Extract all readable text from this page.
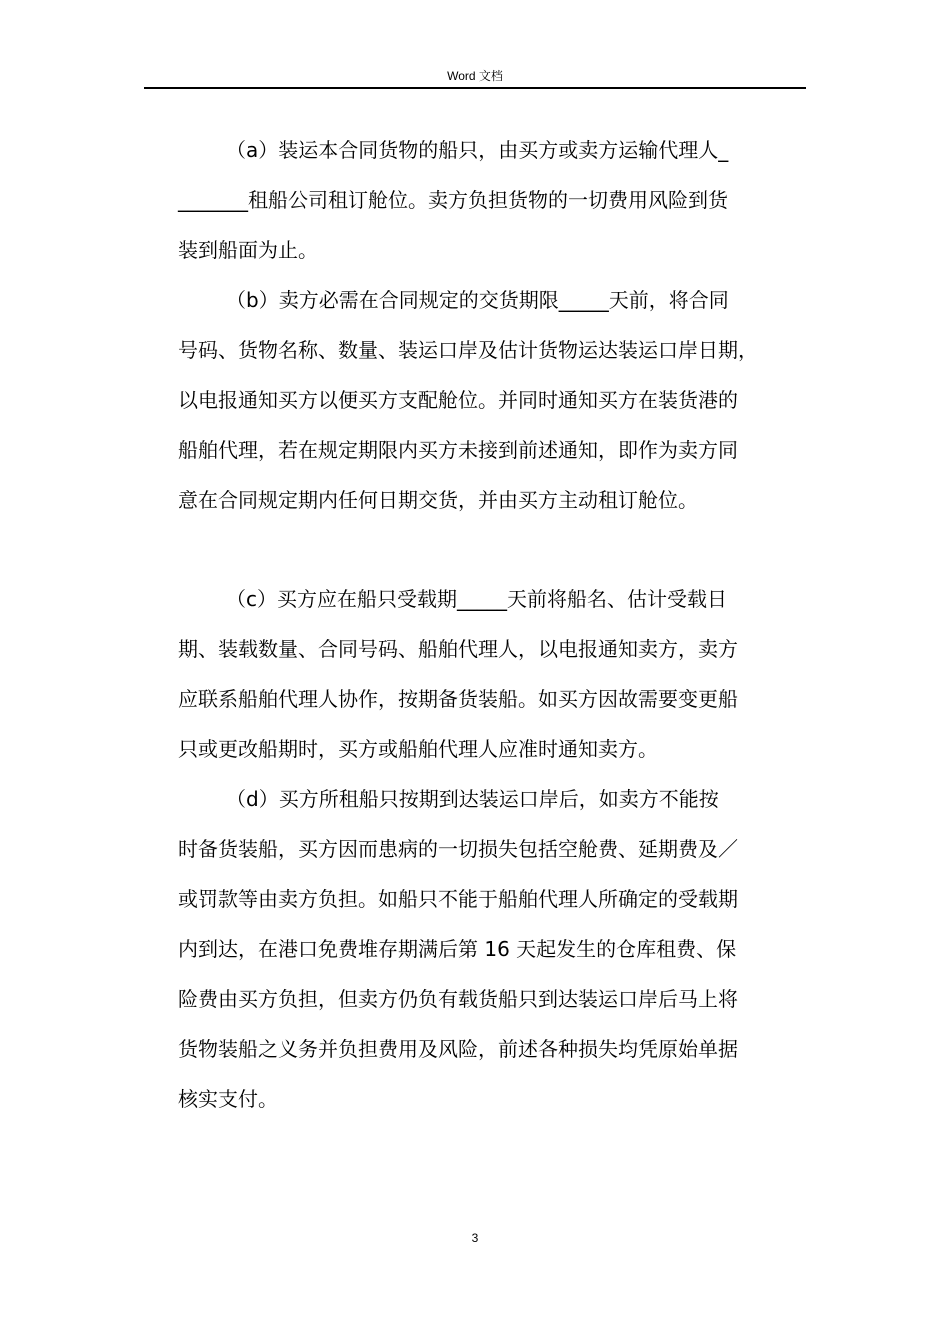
Word 文档
（a）装运本合同货物的船只，由买方或卖方运输代理人_
_______租船公司租订舱位。卖方负担货物的一切费用风险到货
装到船面为止。
（b）卖方必需在合同规定的交货期限_____天前，将合同
号码、货物名称、数量、装运口岸及估计货物运达装运口岸日期，
以电报通知买方以便买方支配舱位。并同时通知买方在装货港的
船舶代理，若在规定期限内买方未接到前述通知，即作为卖方同
意在合同规定期内任何日期交货，并由买方主动租订舱位。
（c）买方应在船只受载期_____天前将船名、估计受载日
期、装载数量、合同号码、船舶代理人，以电报通知卖方，卖方
应联系船舶代理人协作，按期备货装船。如买方因故需要变更船
只或更改船期时，买方或船舶代理人应准时通知卖方。
（d）买方所租船只按期到达装运口岸后，如卖方不能按
时备货装船，买方因而患病的一切损失包括空舱费、延期费及／
或罚款等由卖方负担。如船只不能于船舶代理人所确定的受载期
内到达，在港口免费堆存期满后第 16 天起发生的仓库租费、保
险费由买方负担，但卖方仍负有载货船只到达装运口岸后马上将
货物装船之义务并负担费用及风险，前述各种损失均凭原始单据
核实支付。
3
